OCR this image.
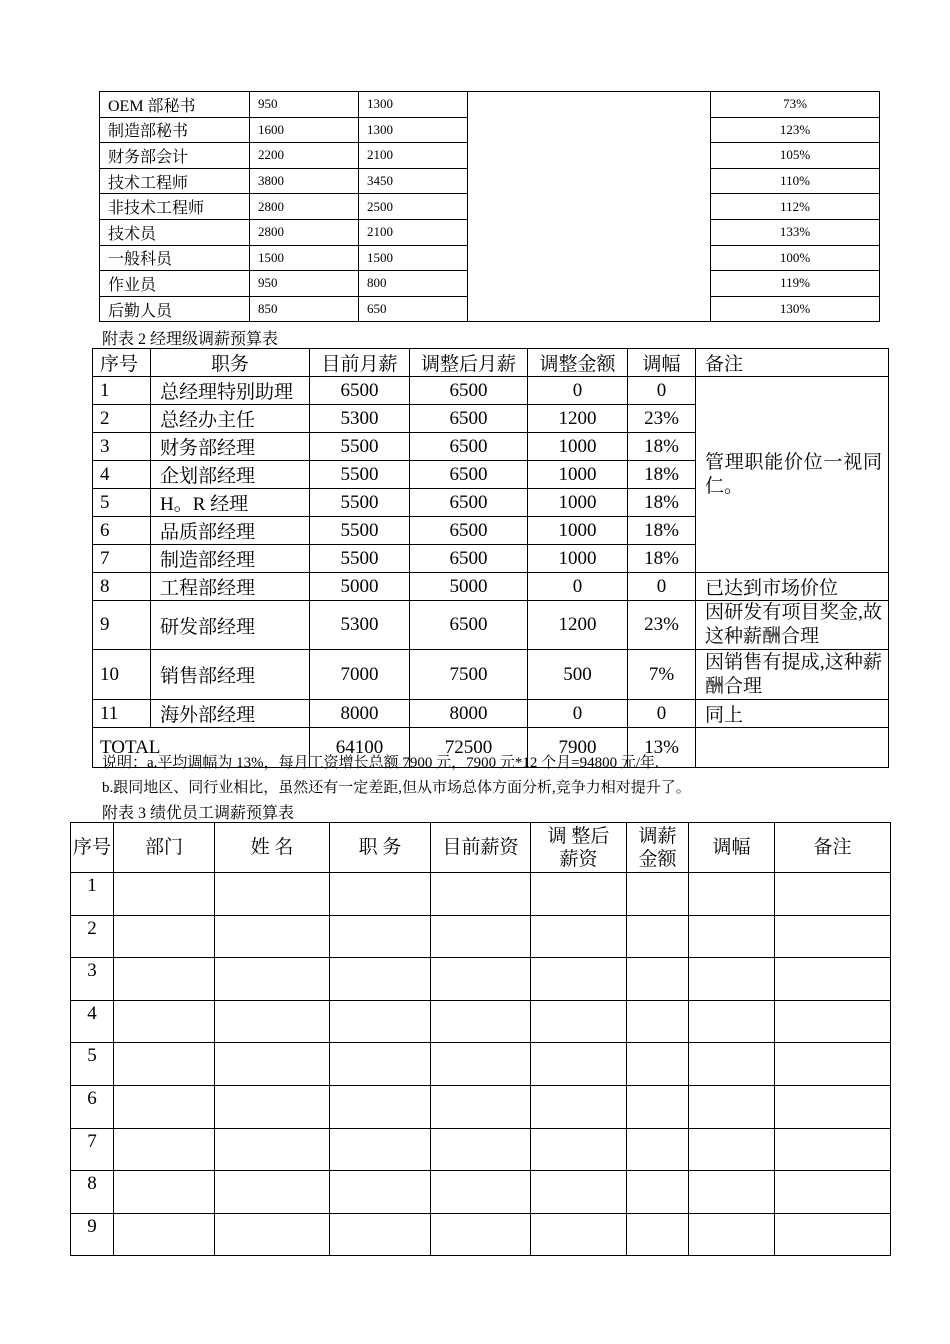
OEM 部秘书	950	1300		73%
制造部秘书	1600	1300		123%
财务部会计	2200	2100		105%
技术工程师	3800	3450		110%
非技术工程师	2800	2500		112%
技术员	2800	2100		133%
一般科员	1500	1500		100%
作业员	950	800		119%
后勤人员	850	650		130%
附表 2 经理级调薪预算表
序号	职务	目前月薪	调整后月薪	调整金额	调幅	备注
1	总经理特别助理	6500	6500	0	0	管理职能价位一视同仁。
2	总经办主任	5300	6500	1200	23%	
3	财务部经理	5500	6500	1000	18%	
4	企划部经理	5500	6500	1000	18%	
5	H。R 经理	5500	6500	1000	18%	
6	品质部经理	5500	6500	1000	18%	
7	制造部经理	5500	6500	1000	18%	
8	工程部经理	5000	5000	0	0	已达到市场价位
9	研发部经理	5300	6500	1200	23%	因研发有项目奖金,故这种薪酬合理
10	销售部经理	7000	7500	500	7%	因销售有提成,这种薪酬合理
11	海外部经理	8000	8000	0	0	同上
TOTAL		64100	72500	7900	13%	
说明：a.平均调幅为 13%，每月工资增长总额 7900 元，7900 元*12 个月=94800 元/年.
b.跟同地区、同行业相比，虽然还有一定差距,但从市场总体方面分析,竞争力相对提升了。
附表 3 绩优员工调薪预算表
序号	部门	姓 名	职 务	目前薪资	调 整后薪资	调薪金额	调幅	备注
1								
2								
3								
4								
5								
6								
7								
8								
9								
